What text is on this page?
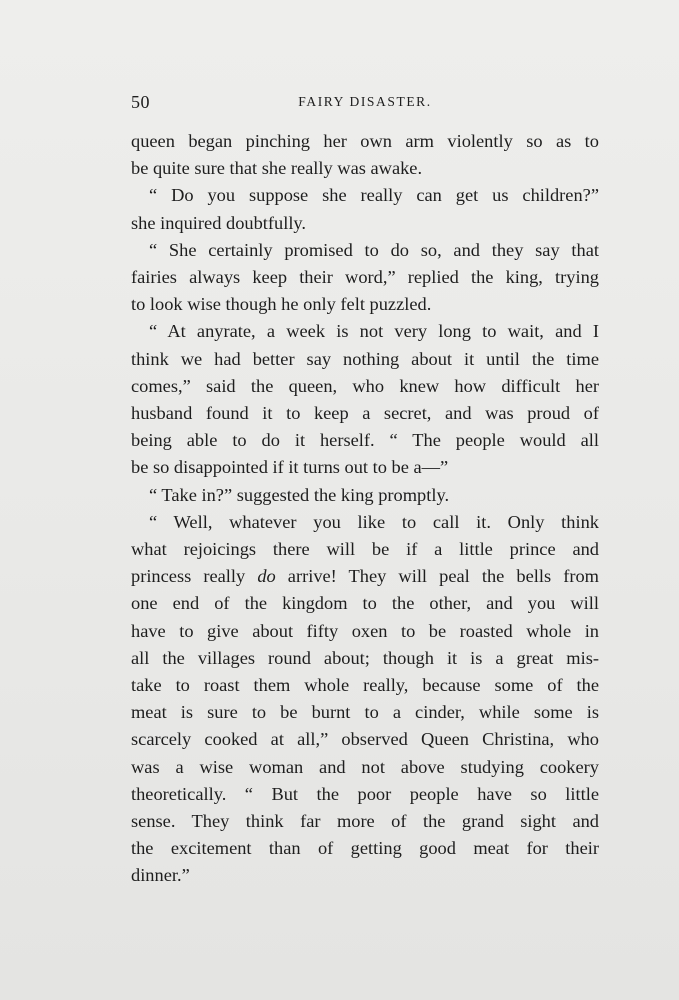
50	FAIRY DISASTER.

queen began pinching her own arm violently so as to
be quite sure that she really was awake.

“ Do you suppose she really can get us children?”
she inquired doubtfully.

“ She certainly promised to do so, and they say that
fairies always keep their word,” replied the king, trying
to look wise though he only felt puzzled.

“ At anyrate, a week is not very long to wait, and I
think we had better say nothing about it until the time
comes,” said the queen, who knew how difficult her
husband found it to keep a secret, and was proud of
being able to do it herself. “ The people would all
be so disappointed if it turns out to be a—”

“ Take in?” suggested the king promptly.

“ Well, whatever you like to call it. Only think
what rejoicings there will be if a little prince and
princess really do arrive! They will peal the bells from
one end of the kingdom to the other, and you will
have to give about fifty oxen to be roasted whole in
all the villages round about; though it is a great mis-
take to roast them whole really, because some of the
meat is sure to be burnt to a cinder, while some is
scarcely cooked at all,” observed Queen Christina, who
was a wise woman and not above studying cookery
theoretically. “ But the poor people have so little
sense. They think far more of the grand sight and
the excitement than of getting good meat for their
dinner.”
